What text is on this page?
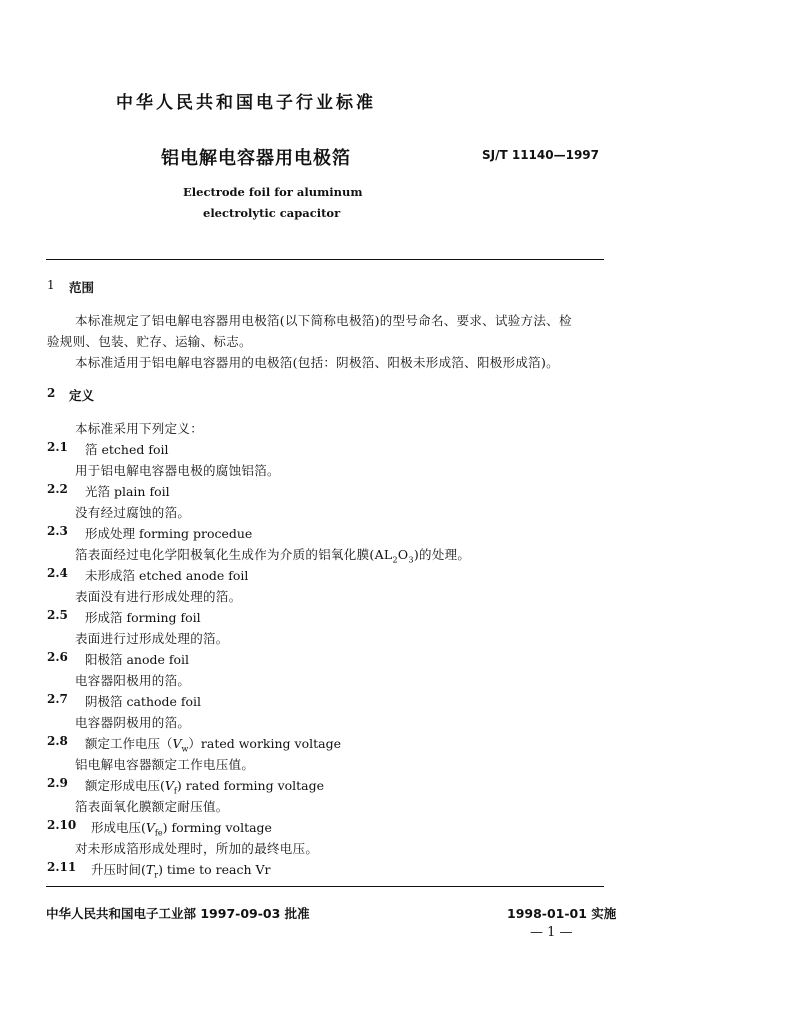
中华人民共和国电子行业标准
铝电解电容器用电极箔	SJ/T 11140—1997
Electrode foil for aluminum
electrolytic capacitor
1 范围
本标准规定了铝电解电容器用电极箔(以下简称电极箔)的型号命名、要求、试验方法、检
验规则、包装、贮存、运输、标志。
本标准适用于铝电解电容器用的电极箔(包括：阴极箔、阳极未形成箔、阳极形成箔)。
2 定义
本标准采用下列定义：
2.1 箔 etched foil
用于铝电解电容器电极的腐蚀铝箔。
2.2 光箔 plain foil
没有经过腐蚀的箔。
2.3 形成处理 forming procedue
箔表面经过电化学阳极氧化生成作为介质的铝氧化膜$(AL_2O_3)$的处理。
2.4 未形成箔 etched anode foil
表面没有进行形成处理的箔。
2.5 形成箔 forming foil
表面进行过形成处理的箔。
2.6 阳极箔 anode foil
电容器阳极用的箔。
2.7 阴极箔 cathode foil
电容器阴极用的箔。
2.8 额定工作电压$(V_w)rated$ working voltage
铝电解电容器额定工作电压值。
2.9 额定形成电压$(V_f)$ rated forming voltage
箔表面氧化膜额定耐压值。
2.10 形成电压$(V_{fe})$ forming voltage
对未形成箔形成处理时，所加的最终电压。
2.11 升压时间$(T_r)$ time to reach Vr
中华人民共和国电子工业部 1997-09-03 批准	1998-01-01 实施
— 1 —
